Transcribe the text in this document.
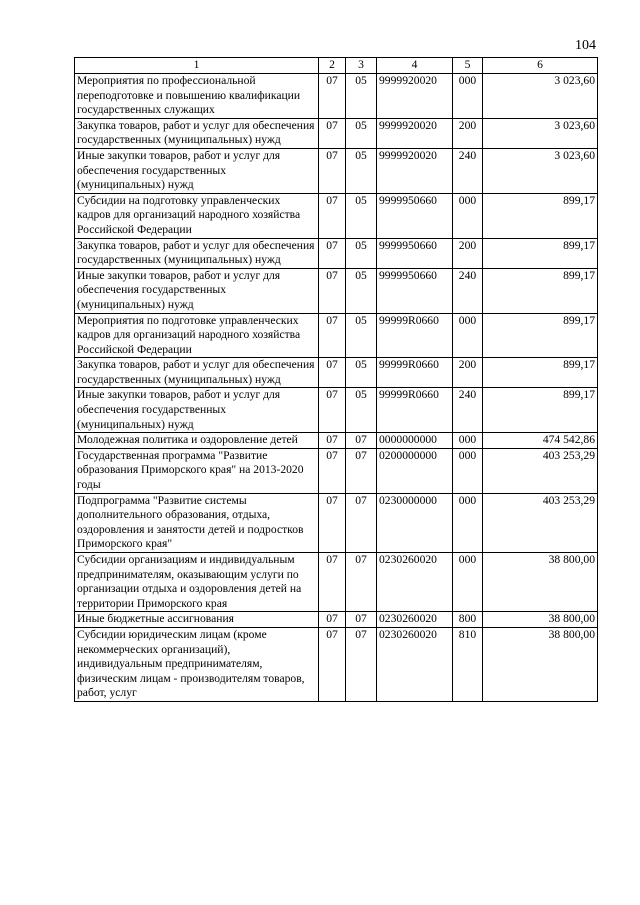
104
1	2	3	4	5	6
Мероприятия по профессиональной переподготовке и повышению квалификации государственных служащих	07	05	9999920020	000	3 023,60
Закупка товаров, работ и услуг для обеспечения государственных (муниципальных) нужд	07	05	9999920020	200	3 023,60
Иные закупки товаров, работ и услуг для обеспечения государственных (муниципальных) нужд	07	05	9999920020	240	3 023,60
Субсидии на подготовку управленческих кадров для организаций народного хозяйства Российской Федерации	07	05	9999950660	000	899,17
Закупка товаров, работ и услуг для обеспечения государственных (муниципальных) нужд	07	05	9999950660	200	899,17
Иные закупки товаров, работ и услуг для обеспечения государственных (муниципальных) нужд	07	05	9999950660	240	899,17
Мероприятия по подготовке управленческих кадров для организаций народного хозяйства Российской Федерации	07	05	99999R0660	000	899,17
Закупка товаров, работ и услуг для обеспечения государственных (муниципальных) нужд	07	05	99999R0660	200	899,17
Иные закупки товаров, работ и услуг для обеспечения государственных (муниципальных) нужд	07	05	99999R0660	240	899,17
Молодежная политика и оздоровление детей	07	07	0000000000	000	474 542,86
Государственная программа "Развитие образования Приморского края" на 2013-2020 годы	07	07	0200000000	000	403 253,29
Подпрограмма "Развитие системы дополнительного образования, отдыха, оздоровления и занятости детей и подростков Приморского края"	07	07	0230000000	000	403 253,29
Субсидии организациям и индивидуальным предпринимателям, оказывающим услуги по организации отдыха и оздоровления детей на территории Приморского края	07	07	0230260020	000	38 800,00
Иные бюджетные ассигнования	07	07	0230260020	800	38 800,00
Субсидии юридическим лицам (кроме некоммерческих организаций), индивидуальным предпринимателям, физическим лицам - производителям товаров, работ, услуг	07	07	0230260020	810	38 800,00
